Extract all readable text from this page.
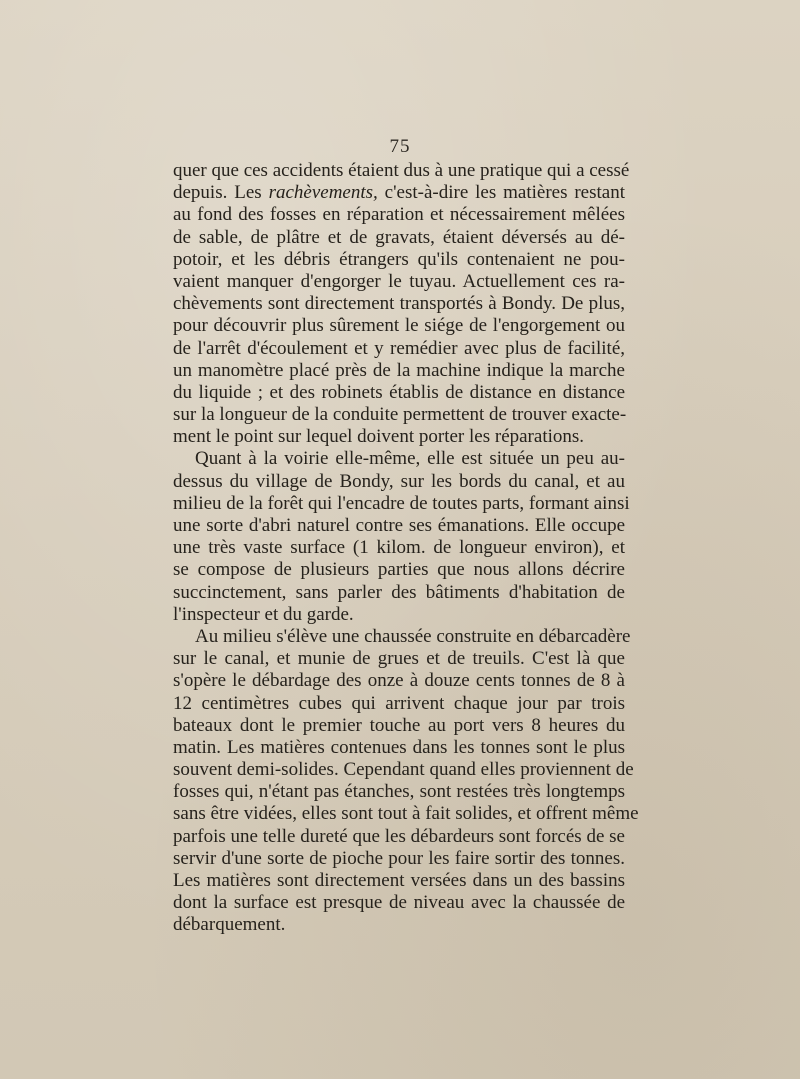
75
quer que ces accidents étaient dus à une pratique qui a cessé
depuis. Les rachèvements, c'est-à-dire les matières restant
au fond des fosses en réparation et nécessairement mêlées
de sable, de plâtre et de gravats, étaient déversés au dé-
potoir, et les débris étrangers qu'ils contenaient ne pou-
vaient manquer d'engorger le tuyau. Actuellement ces ra-
chèvements sont directement transportés à Bondy. De plus,
pour découvrir plus sûrement le siége de l'engorgement ou
de l'arrêt d'écoulement et y remédier avec plus de facilité,
un manomètre placé près de la machine indique la marche
du liquide ; et des robinets établis de distance en distance
sur la longueur de la conduite permettent de trouver exacte-
ment le point sur lequel doivent porter les réparations.
Quant à la voirie elle-même, elle est située un peu au-
dessus du village de Bondy, sur les bords du canal, et au
milieu de la forêt qui l'encadre de toutes parts, formant ainsi
une sorte d'abri naturel contre ses émanations. Elle occupe
une très vaste surface (1 kilom. de longueur environ), et
se compose de plusieurs parties que nous allons décrire
succinctement, sans parler des bâtiments d'habitation de
l'inspecteur et du garde.
Au milieu s'élève une chaussée construite en débarcadère
sur le canal, et munie de grues et de treuils. C'est là que
s'opère le débardage des onze à douze cents tonnes de 8 à
12 centimètres cubes qui arrivent chaque jour par trois
bateaux dont le premier touche au port vers 8 heures du
matin. Les matières contenues dans les tonnes sont le plus
souvent demi-solides. Cependant quand elles proviennent de
fosses qui, n'étant pas étanches, sont restées très longtemps
sans être vidées, elles sont tout à fait solides, et offrent même
parfois une telle dureté que les débardeurs sont forcés de se
servir d'une sorte de pioche pour les faire sortir des tonnes.
Les matières sont directement versées dans un des bassins
dont la surface est presque de niveau avec la chaussée de
débarquement.
